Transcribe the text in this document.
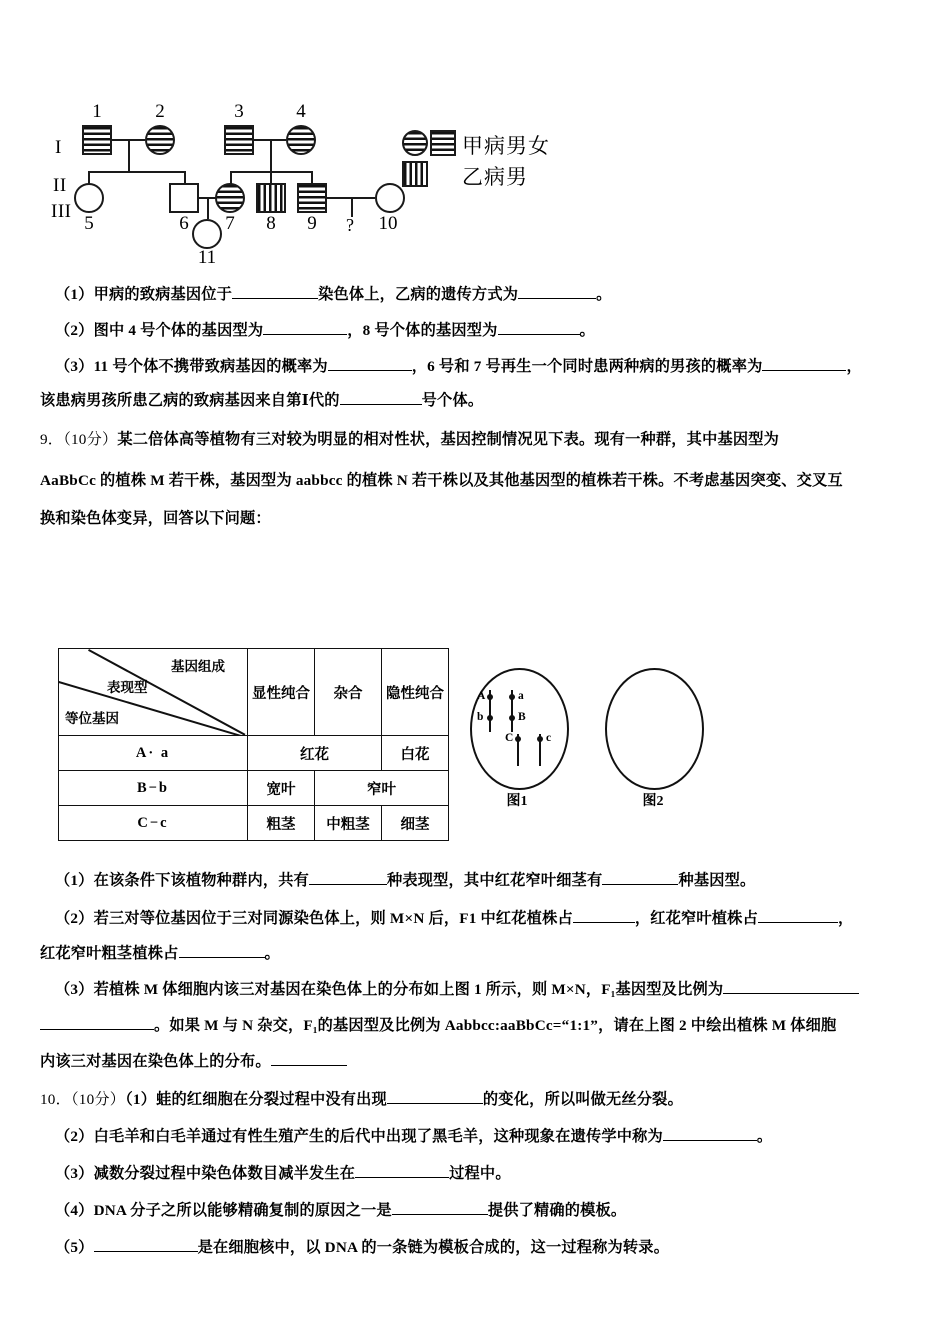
I
II
III
1	2	3	4
?
5	6	7	8	9	10
11
甲病男女
乙病男
（1）甲病的致病基因位于	染色体上，乙病的遗传方式为	。
（2）图中 4 号个体的基因型为	，8 号个体的基因型为	。
（3）11 号个体不携带致病基因的概率为	，6 号和 7 号再生一个同时患两种病的男孩的概率为	，
该患病男孩所患乙病的致病基因来自第Ⅰ代的	号个体。
9．（10分）某二倍体高等植物有三对较为明显的相对性状，基因控制情况见下表。现有一种群，其中基因型为
AaBbCc 的植株 M 若干株，基因型为 aabbcc 的植株 N 若干株以及其他基因型的植株若干株。不考虑基因突变、交叉互
换和染色体变异，回答以下问题：
基因组成
表现型
等位基因	显性纯合	杂合	隐性纯合
A· a	红花		白花
B−b	宽叶	窄叶	
C−c	粗茎	中粗茎	细茎
A
b
a
B
C	c
图1	图2
（1）在该条件下该植物种群内，共有	种表现型，其中红花窄叶细茎有	种基因型。
（2）若三对等位基因位于三对同源染色体上，则 M×N 后，F1 中红花植株占	，红花窄叶植株占	，
红花窄叶粗茎植株占	。
（3）若植株 M 体细胞内该三对基因在染色体上的分布如上图 1 所示，则 M×N，F₁基因型及比例为
。如果 M 与 N 杂交，F₁的基因型及比例为 Aabbcc:aaBbCc=“1:1”，请在上图 2 中绘出植株 M 体细胞
内该三对基因在染色体上的分布。
10．（10分）（1）蛙的红细胞在分裂过程中没有出现	的变化，所以叫做无丝分裂。
（2）白毛羊和白毛羊通过有性生殖产生的后代中出现了黑毛羊，这种现象在遗传学中称为	。
（3）减数分裂过程中染色体数目减半发生在	过程中。
（4）DNA 分子之所以能够精确复制的原因之一是	提供了精确的模板。
（5）	是在细胞核中，以 DNA 的一条链为模板合成的，这一过程称为转录。
